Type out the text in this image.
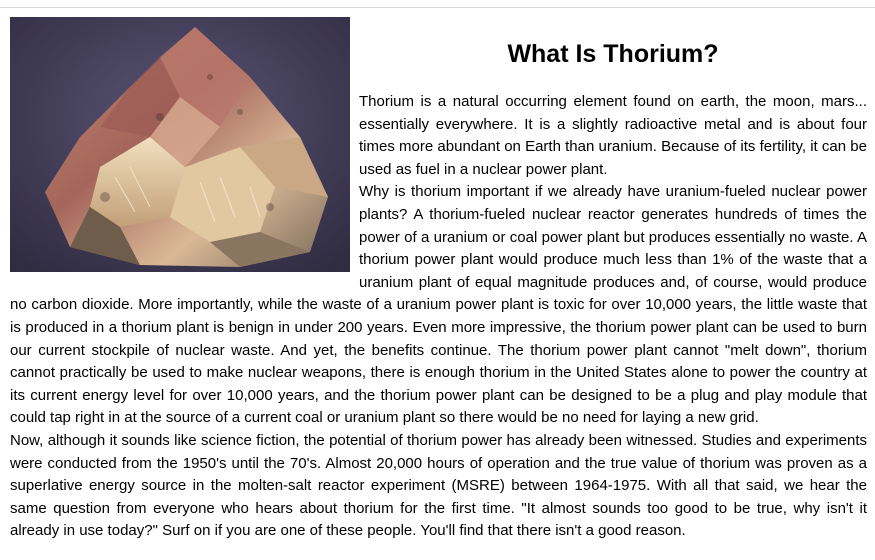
What Is Thorium?

Thorium is a natural occurring element found on earth, the moon, mars... essentially everywhere. It is a slightly radioactive metal and is about four times more abundant on Earth than uranium. Because of its fertility, it can be used as fuel in a nuclear power plant.

Why is thorium important if we already have uranium-fueled nuclear power plants? A thorium-fueled nuclear reactor generates hundreds of times the power of a uranium or coal power plant but produces essentially no waste. A thorium power plant would produce much less than 1% of the waste that a uranium plant of equal magnitude produces and, of course, would produce no carbon dioxide. More importantly, while the waste of a uranium power plant is toxic for over 10,000 years, the little waste that is produced in a thorium plant is benign in under 200 years. Even more impressive, the thorium power plant can be used to burn our current stockpile of nuclear waste. And yet, the benefits continue. The thorium power plant cannot "melt down", thorium cannot practically be used to make nuclear weapons, there is enough thorium in the United States alone to power the country at its current energy level for over 10,000 years, and the thorium power plant can be designed to be a plug and play module that could tap right in at the source of a current coal or uranium plant so there would be no need for laying a new grid.

Now, although it sounds like science fiction, the potential of thorium power has already been witnessed. Studies and experiments were conducted from the 1950's until the 70's. Almost 20,000 hours of operation and the true value of thorium was proven as a superlative energy source in the molten-salt reactor experiment (MSRE) between 1964-1975. With all that said, we hear the same question from everyone who hears about thorium for the first time. "It almost sounds too good to be true, why isn't it already in use today?" Surf on if you are one of these people. You'll find that there isn't a good reason.
